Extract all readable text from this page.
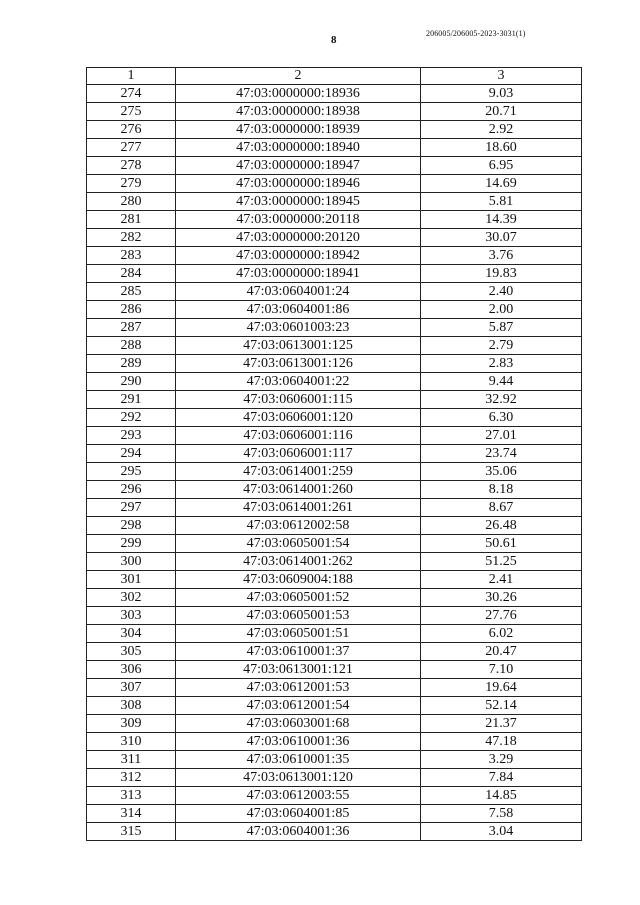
206005/206005-2023-3031(1)
8
1	2	3
274	47:03:0000000:18936	9.03
275	47:03:0000000:18938	20.71
276	47:03:0000000:18939	2.92
277	47:03:0000000:18940	18.60
278	47:03:0000000:18947	6.95
279	47:03:0000000:18946	14.69
280	47:03:0000000:18945	5.81
281	47:03:0000000:20118	14.39
282	47:03:0000000:20120	30.07
283	47:03:0000000:18942	3.76
284	47:03:0000000:18941	19.83
285	47:03:0604001:24	2.40
286	47:03:0604001:86	2.00
287	47:03:0601003:23	5.87
288	47:03:0613001:125	2.79
289	47:03:0613001:126	2.83
290	47:03:0604001:22	9.44
291	47:03:0606001:115	32.92
292	47:03:0606001:120	6.30
293	47:03:0606001:116	27.01
294	47:03:0606001:117	23.74
295	47:03:0614001:259	35.06
296	47:03:0614001:260	8.18
297	47:03:0614001:261	8.67
298	47:03:0612002:58	26.48
299	47:03:0605001:54	50.61
300	47:03:0614001:262	51.25
301	47:03:0609004:188	2.41
302	47:03:0605001:52	30.26
303	47:03:0605001:53	27.76
304	47:03:0605001:51	6.02
305	47:03:0610001:37	20.47
306	47:03:0613001:121	7.10
307	47:03:0612001:53	19.64
308	47:03:0612001:54	52.14
309	47:03:0603001:68	21.37
310	47:03:0610001:36	47.18
311	47:03:0610001:35	3.29
312	47:03:0613001:120	7.84
313	47:03:0612003:55	14.85
314	47:03:0604001:85	7.58
315	47:03:0604001:36	3.04
